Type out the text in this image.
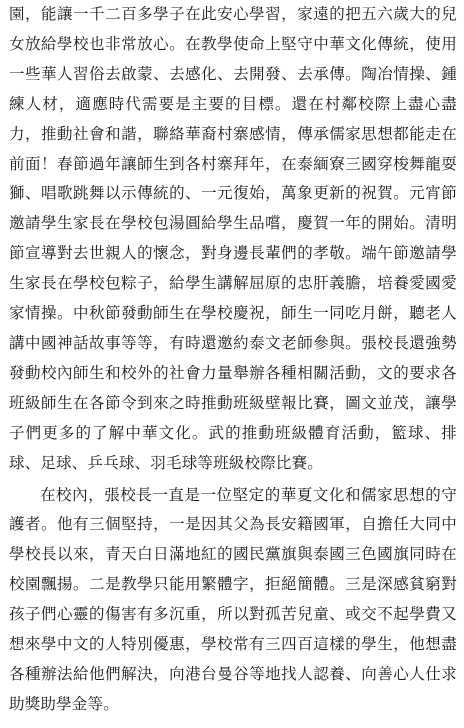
園，能讓一千二百多學子在此安心學習，家遠的把五六歲大的兒女放給學校也非常放心。在教學使命上堅守中華文化傳統，使用一些華人習俗去啟蒙、去感化、去開發、去承傳。陶冶情操、鍾練人材，適應時代需要是主要的目標。還在村鄰校際上盡心盡力，推動社會和諧，聯絡華裔村寨感情，傳承儒家思想都能走在前面！春節過年讓師生到各村寨拜年，在泰緬寮三國穿梭舞龍耍獅、唱歌跳舞以示傳統的、一元復始，萬象更新的祝賀。元宵節邀請學生家長在學校包湯圓給學生品嚐，慶賀一年的開始。清明節宣導對去世親人的懷念，對身邊長輩們的孝敬。端午節邀請學生家長在學校包粽子，給學生講解屈原的忠肝義膽，培養愛國愛家情操。中秋節發動師生在學校慶祝，師生一同吃月餅，聽老人講中國神話故事等等，有時還邀約泰文老師參與。張校長還強勢發動校內師生和校外的社會力量舉辦各種相關活動，文的要求各班級師生在各節令到來之時推動班級壁報比賽，圖文並茂，讓學子們更多的了解中華文化。武的推動班級體育活動，籃球、排球、足球、乒乓球、羽毛球等班級校際比賽。

在校內，張校長一直是一位堅定的華夏文化和儒家思想的守護者。他有三個堅持，一是因其父為長安籍國軍，自擔任大同中學校長以來，青天白日滿地紅的國民黨旗與泰國三色國旗同時在校園飄揚。二是教學只能用繁體字，拒絕簡體。三是深感貧窮對孩子們心靈的傷害有多沉重，所以對孤苦兒童、或交不起學費又想來學中文的人特別優惠，學校常有三四百這樣的學生，他想盡各種辦法給他們解決，向港台曼谷等地找人認養、向善心人仕求助獎助學金等。
